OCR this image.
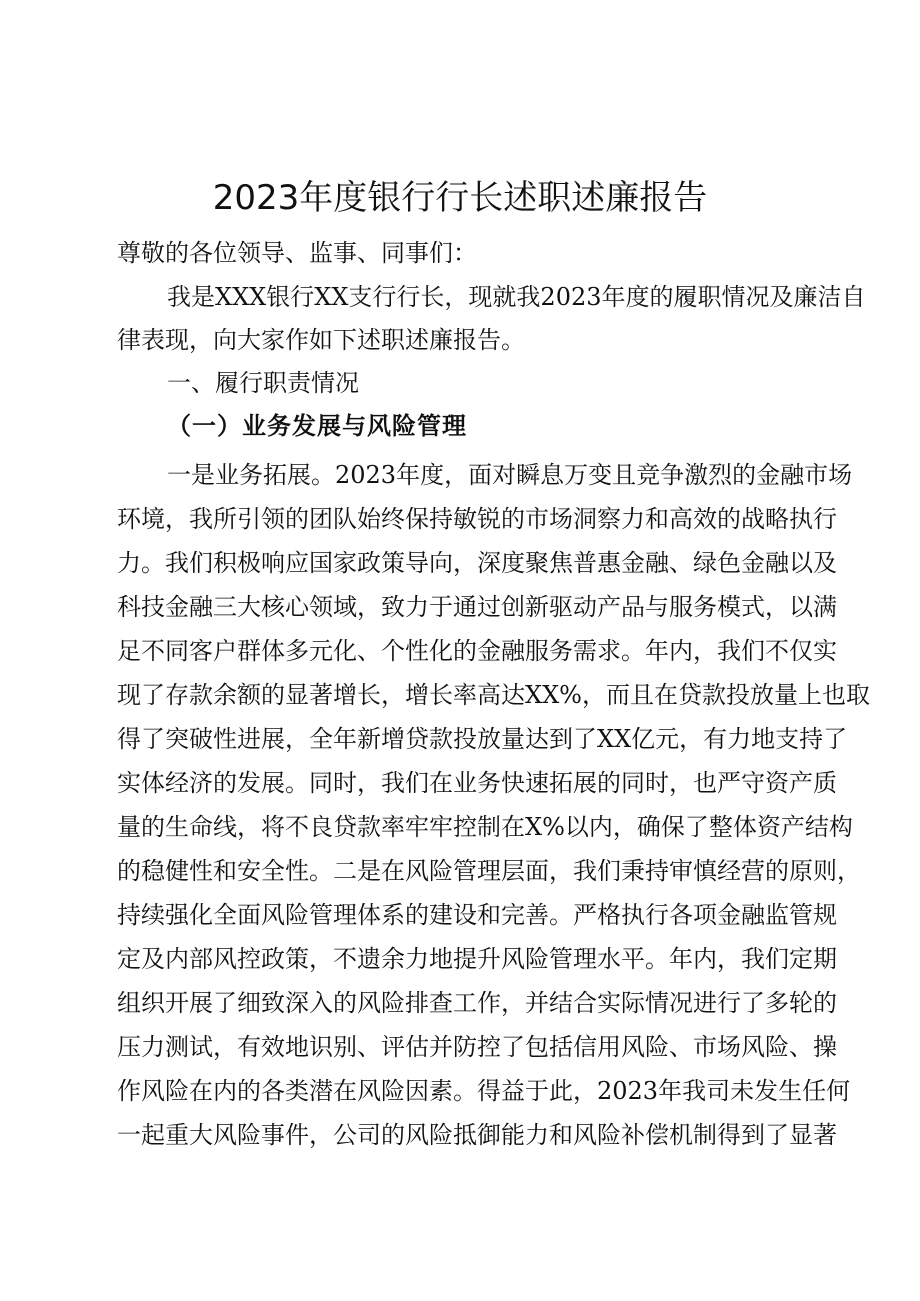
2023年度银行行长述职述廉报告

尊敬的各位领导、监事、同事们：

我是XXX银行XX支行行长，现就我2023年度的履职情况及廉洁自

律表现，向大家作如下述职述廉报告。

一、履行职责情况

（一）业务发展与风险管理

一是业务拓展。2023年度，面对瞬息万变且竞争激烈的金融市场

环境，我所引领的团队始终保持敏锐的市场洞察力和高效的战略执行

力。我们积极响应国家政策导向，深度聚焦普惠金融、绿色金融以及

科技金融三大核心领域，致力于通过创新驱动产品与服务模式，以满

足不同客户群体多元化、个性化的金融服务需求。年内，我们不仅实

现了存款余额的显著增长，增长率高达XX%，而且在贷款投放量上也取

得了突破性进展，全年新增贷款投放量达到了XX亿元，有力地支持了

实体经济的发展。同时，我们在业务快速拓展的同时，也严守资产质

量的生命线，将不良贷款率牢牢控制在X%以内，确保了整体资产结构

的稳健性和安全性。二是在风险管理层面，我们秉持审慎经营的原则，

持续强化全面风险管理体系的建设和完善。严格执行各项金融监管规

定及内部风控政策，不遗余力地提升风险管理水平。年内，我们定期

组织开展了细致深入的风险排查工作，并结合实际情况进行了多轮的

压力测试，有效地识别、评估并防控了包括信用风险、市场风险、操

作风险在内的各类潜在风险因素。得益于此，2023年我司未发生任何

一起重大风险事件，公司的风险抵御能力和风险补偿机制得到了显著
